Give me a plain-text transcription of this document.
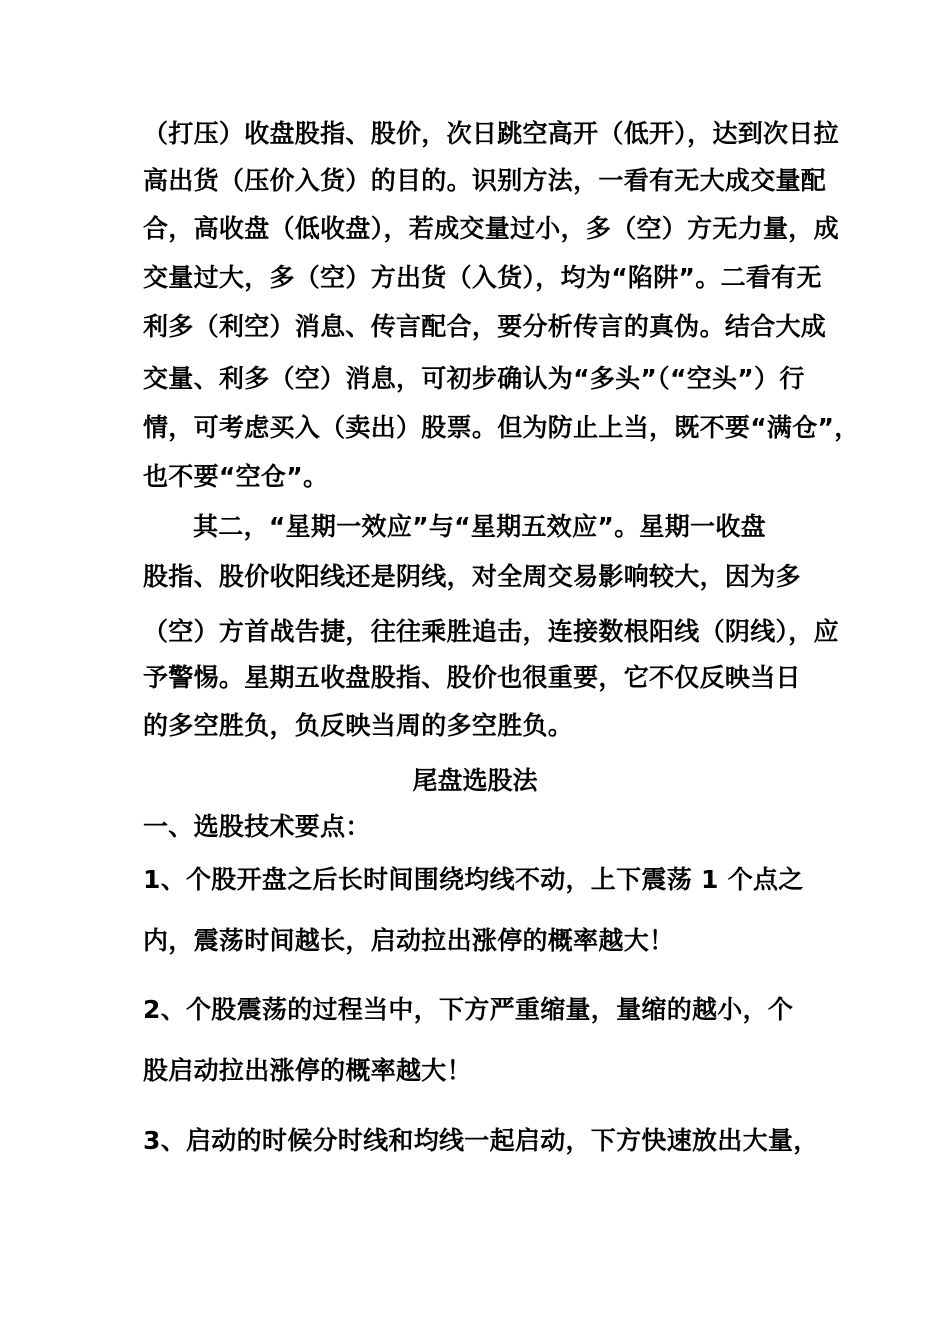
（打压）收盘股指、股价，次日跳空高开（低开），达到次日拉
高出货（压价入货）的目的。识别方法，一看有无大成交量配
合，高收盘（低收盘），若成交量过小，多（空）方无力量，成
交量过大，多（空）方出货（入货），均为“陷阱”。二看有无
利多（利空）消息、传言配合，要分析传言的真伪。结合大成
交量、利多（空）消息，可初步确认为“多头”（“空头”）行
情，可考虑买入（卖出）股票。但为防止上当，既不要“满仓”，
也不要“空仓”。
其二，“星期一效应”与“星期五效应”。星期一收盘
股指、股价收阳线还是阴线，对全周交易影响较大，因为多
（空）方首战告捷，往往乘胜追击，连接数根阳线（阴线），应
予警惕。星期五收盘股指、股价也很重要，它不仅反映当日
的多空胜负，负反映当周的多空胜负。
尾盘选股法
一、选股技术要点：
1、个股开盘之后长时间围绕均线不动，上下震荡 1 个点之
内，震荡时间越长，启动拉出涨停的概率越大！
2、个股震荡的过程当中，下方严重缩量，量缩的越小，个
股启动拉出涨停的概率越大！
3、启动的时候分时线和均线一起启动，下方快速放出大量，
